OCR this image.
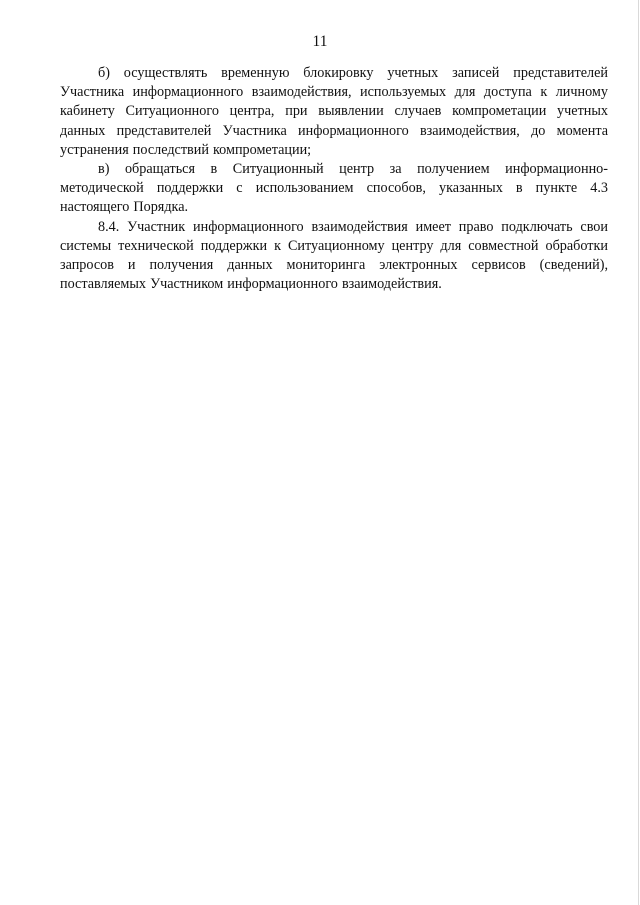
11

б) осуществлять временную блокировку учетных записей представителей Участника информационного взаимодействия, используемых для доступа к личному кабинету Ситуационного центра, при выявлении случаев компрометации учетных данных представителей Участника информационного взаимодействия, до момента устранения последствий компрометации;

в) обращаться в Ситуационный центр за получением информационно-методической поддержки с использованием способов, указанных в пункте 4.3 настоящего Порядка.

8.4. Участник информационного взаимодействия имеет право подключать свои системы технической поддержки к Ситуационному центру для совместной обработки запросов и получения данных мониторинга электронных сервисов (сведений), поставляемых Участником информационного взаимодействия.
